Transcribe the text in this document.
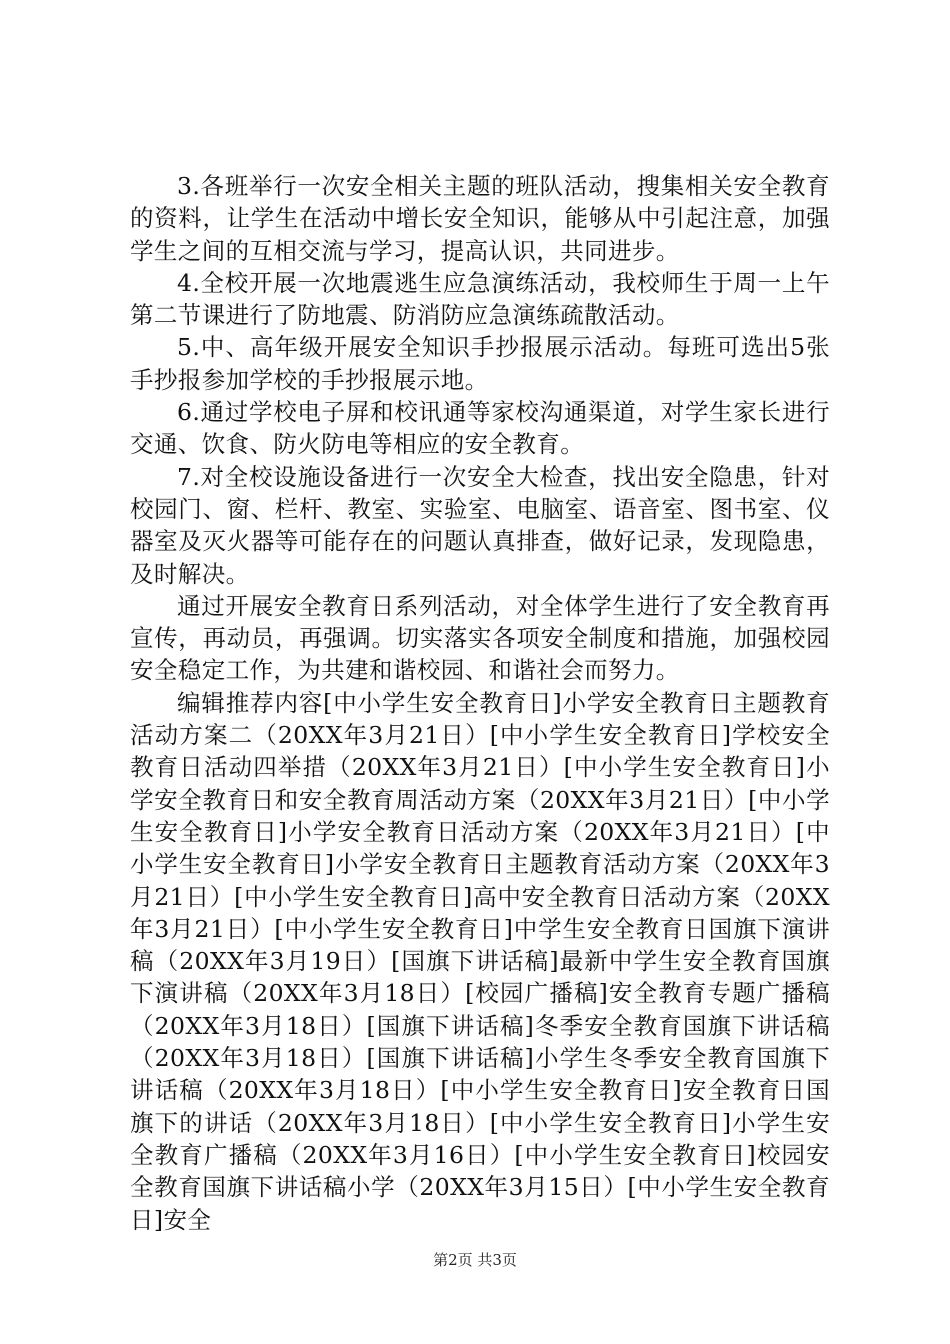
3.各班举行一次安全相关主题的班队活动，搜集相关安全教育的资料，让学生在活动中增长安全知识，能够从中引起注意，加强学生之间的互相交流与学习，提高认识，共同进步。

4.全校开展一次地震逃生应急演练活动，我校师生于周一上午第二节课进行了防地震、防消防应急演练疏散活动。

5.中、高年级开展安全知识手抄报展示活动。每班可选出5张手抄报参加学校的手抄报展示地。

6.通过学校电子屏和校讯通等家校沟通渠道，对学生家长进行交通、饮食、防火防电等相应的安全教育。

7.对全校设施设备进行一次安全大检查，找出安全隐患，针对校园门、窗、栏杆、教室、实验室、电脑室、语音室、图书室、仪器室及灭火器等可能存在的问题认真排查，做好记录，发现隐患，及时解决。

通过开展安全教育日系列活动，对全体学生进行了安全教育再宣传，再动员，再强调。切实落实各项安全制度和措施，加强校园安全稳定工作，为共建和谐校园、和谐社会而努力。

编辑推荐内容[中小学生安全教育日]小学安全教育日主题教育活动方案二（20XX年3月21日）[中小学生安全教育日]学校安全教育日活动四举措（20XX年3月21日）[中小学生安全教育日]小学安全教育日和安全教育周活动方案（20XX年3月21日）[中小学生安全教育日]小学安全教育日活动方案（20XX年3月21日）[中小学生安全教育日]小学安全教育日主题教育活动方案（20XX年3月21日）[中小学生安全教育日]高中安全教育日活动方案（20XX年3月21日）[中小学生安全教育日]中学生安全教育日国旗下演讲稿（20XX年3月19日）[国旗下讲话稿]最新中学生安全教育国旗下演讲稿（20XX年3月18日）[校园广播稿]安全教育专题广播稿（20XX年3月18日）[国旗下讲话稿]冬季安全教育国旗下讲话稿（20XX年3月18日）[国旗下讲话稿]小学生冬季安全教育国旗下讲话稿（20XX年3月18日）[中小学生安全教育日]安全教育日国旗下的讲话（20XX年3月18日）[中小学生安全教育日]小学生安全教育广播稿（20XX年3月16日）[中小学生安全教育日]校园安全教育国旗下讲话稿小学（20XX年3月15日）[中小学生安全教育日]安全

第2页 共3页
